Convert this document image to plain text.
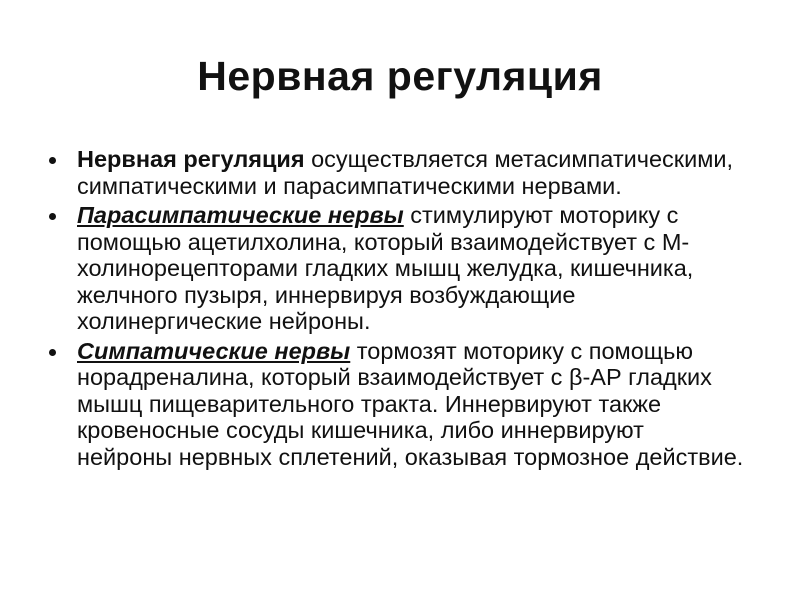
Нервная регуляция
Нервная регуляция осуществляется метасимпатическими, симпатическими и парасимпатическими нервами.
Парасимпатические нервы стимулируют моторику с помощью ацетилхолина, который взаимодействует с М-холинорецепторами гладких мышц желудка, кишечника, желчного пузыря, иннервируя возбуждающие холинергические нейроны.
Симпатические нервы тормозят моторику с помощью норадреналина, который взаимодействует с β-АР гладких мышц пищеварительного тракта. Иннервируют также кровеносные сосуды кишечника, либо иннервируют нейроны нервных сплетений, оказывая тормозное действие.
